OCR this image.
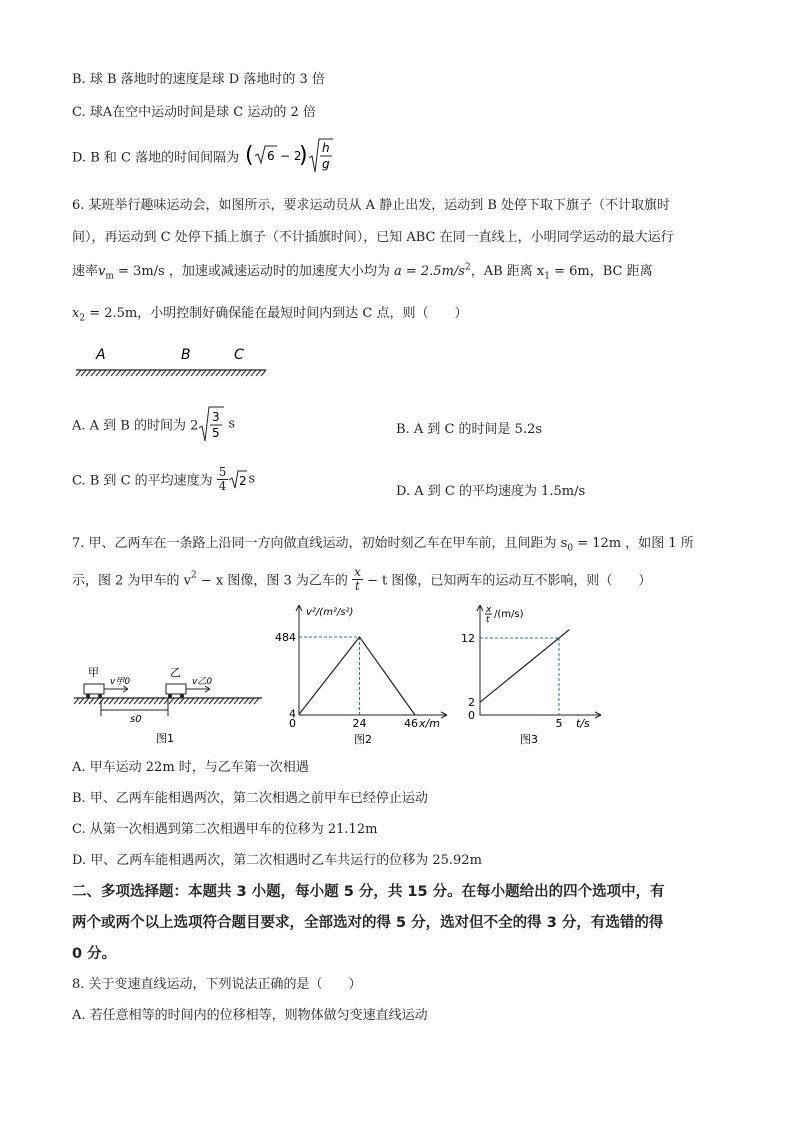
B. 球 B 落地时的速度是球 D 落地时的 3 倍
C. 球A在空中运动时间是球 C 运动的 2 倍
D. B 和 C 落地的时间间隔为 ( 6 − 2
) h
g
6. 某班举行趣味运动会，如图所示，要求运动员从 A 静止出发，运动到 B 处停下取下旗子（不计取旗时
间），再运动到 C 处停下插上旗子（不计插旗时间），已知 ABC 在同一直线上，小明同学运动的最大运行
速率$v_m = 3m/s$ ，加速或减速运动时的加速度大小均为 $a = 2.5m/s^2$，AB 距离 $x_1 = 6m$，BC 距离
$x_2 = 2.5m$，小明控制好确保能在最短时间内到达 C 点，则（　　）
A	B	C
A. A 到 B 的时间为 2
3
5
s	B. A 到 C 的时间是 5.2s
C. B 到 C 的平均速度为 $\frac{5}{4} 2$ s
D. A 到 C 的平均速度为 1.5m/s
7. 甲、乙两车在一条路上沿同一方向做直线运动，初始时刻乙车在甲车前，且间距为 $s_0 = 12m$ ，如图 1 所
示，图 2 为甲车的 $v^2 - x$ 图像，图 3 为乙车的 $\frac{x}{t} - t$ 图像，已知两车的运动互不影响，则（　　）
甲	乙
v甲0	v乙0
s0
图1
v²/(m²/s²)
484
4
0	24	46 x/m
图2
x
t /(m/s)
12
2
0
5 t/s
图3
A. 甲车运动 22m 时，与乙车第一次相遇
B. 甲、乙两车能相遇两次，第二次相遇之前甲车已经停止运动
C. 从第一次相遇到第二次相遇甲车的位移为 21.12m
D. 甲、乙两车能相遇两次，第二次相遇时乙车共运行的位移为 25.92m
二、多项选择题：本题共 3 小题，每小题 5 分，共 15 分。在每小题给出的四个选项中，有
两个或两个以上选项符合题目要求，全部选对的得 5 分，选对但不全的得 3 分，有选错的得
0 分。
8. 关于变速直线运动，下列说法正确的是（　　）
A. 若任意相等的时间内的位移相等，则物体做匀变速直线运动
